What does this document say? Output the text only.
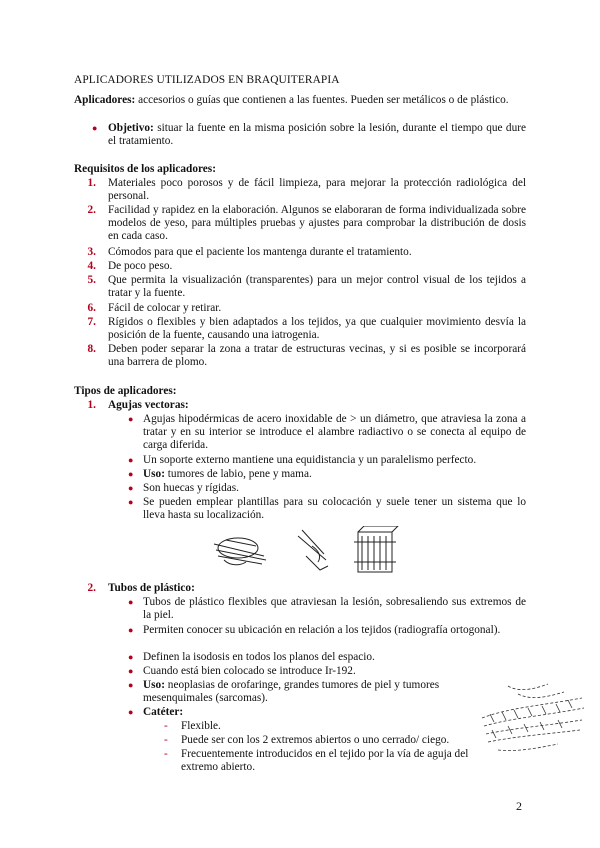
APLICADORES UTILIZADOS EN BRAQUITERAPIA
Aplicadores: accesorios o guías que contienen a las fuentes. Pueden ser metálicos o de plástico.
● Objetivo: situar la fuente en la misma posición sobre la lesión, durante el tiempo que dure el tratamiento.
Requisitos de los aplicadores:
1. Materiales poco porosos y de fácil limpieza, para mejorar la protección radiológica del personal.
2. Facilidad y rapidez en la elaboración. Algunos se elaboraran de forma individualizada sobre modelos de yeso, para múltiples pruebas y ajustes para comprobar la distribución de dosis en cada caso.
3. Cómodos para que el paciente los mantenga durante el tratamiento.
4. De poco peso.
5. Que permita la visualización (transparentes) para un mejor control visual de los tejidos a tratar y la fuente.
6. Fácil de colocar y retirar.
7. Rígidos o flexibles y bien adaptados a los tejidos, ya que cualquier movimiento desvía la posición de la fuente, causando una iatrogenia.
8. Deben poder separar la zona a tratar de estructuras vecinas, y si es posible se incorporará una barrera de plomo.
Tipos de aplicadores:
1. Agujas vectoras:
● Agujas hipodérmicas de acero inoxidable de > un diámetro, que atraviesa la zona a tratar y en su interior se introduce el alambre radiactivo o se conecta al equipo de carga diferida.
● Un soporte externo mantiene una equidistancia y un paralelismo perfecto.
● Uso: tumores de labio, pene y mama.
● Son huecas y rígidas.
● Se pueden emplear plantillas para su colocación y suele tener un sistema que lo lleva hasta su localización.
2. Tubos de plástico:
● Tubos de plástico flexibles que atraviesan la lesión, sobresaliendo sus extremos de la piel.
● Permiten conocer su ubicación en relación a los tejidos (radiografía ortogonal).
● Definen la isodosis en todos los planos del espacio.
● Cuando está bien colocado se introduce Ir-192.
● Uso: neoplasias de orofaringe, grandes tumores de piel y tumores mesenquimales (sarcomas).
● Catéter:
- Flexible.
- Puede ser con los 2 extremos abiertos o uno cerrado/ ciego.
- Frecuentemente introducidos en el tejido por la vía de aguja del extremo abierto.
2
